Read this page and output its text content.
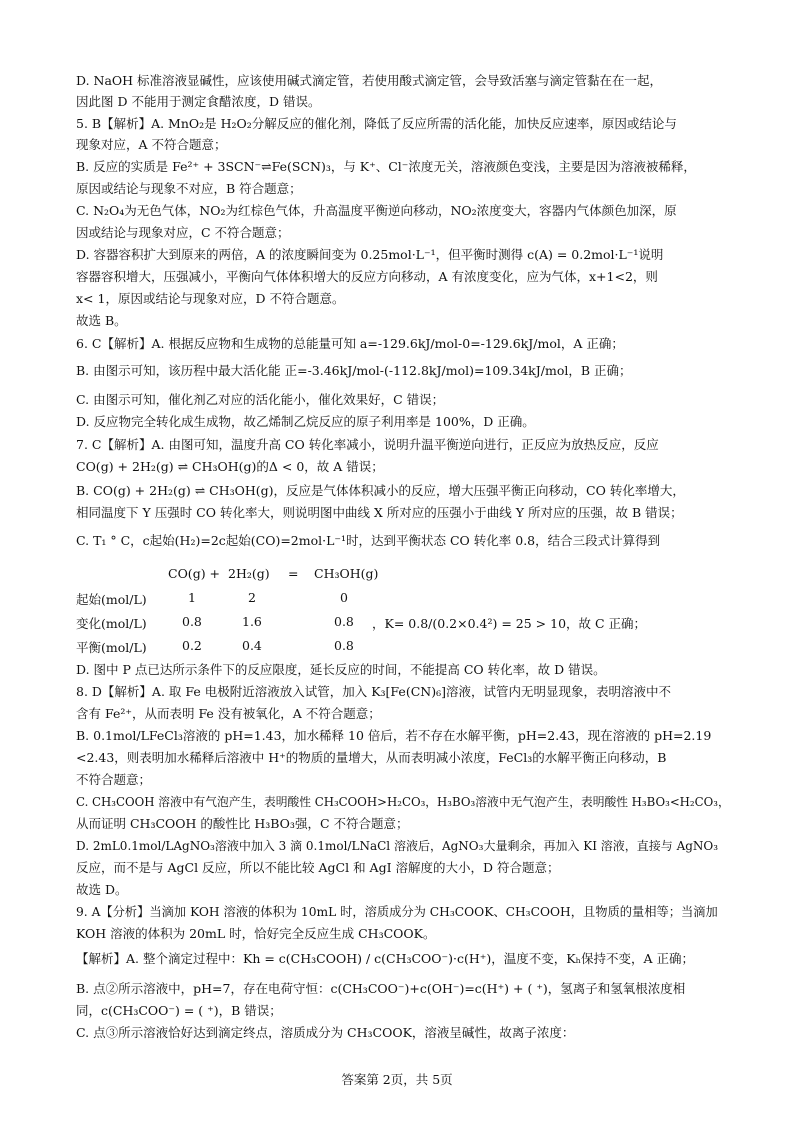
D. NaOH 标准溶液显碱性，应该使用碱式滴定管，若使用酸式滴定管，会导致活塞与滴定管黏在在一起，
因此图 D 不能用于测定食醋浓度，D 错误。
5. B【解析】A. MnO₂是 H₂O₂分解反应的催化剂，降低了反应所需的活化能，加快反应速率，原因或结论与
现象对应，A 不符合题意；
B. 反应的实质是 Fe²⁺ + 3SCN⁻⇌Fe(SCN)₃，与 K⁺、Cl⁻浓度无关，溶液颜色变浅，主要是因为溶液被稀释，
原因或结论与现象不对应，B 符合题意；
C. N₂O₄为无色气体，NO₂为红棕色气体，升高温度平衡逆向移动，NO₂浓度变大，容器内气体颜色加深，原
因或结论与现象对应，C 不符合题意；
D. 容器容积扩大到原来的两倍，A 的浓度瞬间变为 0.25mol·L⁻¹，但平衡时测得 c(A) = 0.2mol·L⁻¹说明
容器容积增大，压强减小，平衡向气体体积增大的反应方向移动，A 有浓度变化，应为气体，x+1<2，则
x< 1，原因或结论与现象对应，D 不符合题意。
故选 B。
6. C【解析】A. 根据反应物和生成物的总能量可知 a=-129.6kJ/mol-0=-129.6kJ/mol，A 正确；
B. 由图示可知，该历程中最大活化能 正=-3.46kJ/mol-(-112.8kJ/mol)=109.34kJ/mol，B 正确；
C. 由图示可知，催化剂乙对应的活化能小，催化效果好，C 错误；
D. 反应物完全转化成生成物，故乙烯制乙烷反应的原子利用率是 100%，D 正确。
7. C【解析】A. 由图可知，温度升高 CO 转化率减小，说明升温平衡逆向进行，正反应为放热反应，反应
CO(g) + 2H₂(g) ⇌ CH₃OH(g)的Δ < 0，故 A 错误；
B. CO(g) + 2H₂(g) ⇌ CH₃OH(g)，反应是气体体积减小的反应，增大压强平衡正向移动，CO 转化率增大，
相同温度下 Y 压强时 CO 转化率大，则说明图中曲线 X 所对应的压强小于曲线 Y 所对应的压强，故 B 错误；
C. T₁ ° C，c起始(H₂)=2c起始(CO)=2mol·L⁻¹时，达到平衡状态 CO 转化率 0.8，结合三段式计算得到
CO(g) + 2H₂(g) = CH₃OH(g)
起始(mol/L)	1	2	0
变化(mol/L)	0.8	1.6	0.8 ，K= 0.8/(0.2×0.4²) = 25 > 10，故 C 正确；
平衡(mol/L)	0.2	0.4	0.8
D. 图中 P 点已达所示条件下的反应限度，延长反应的时间，不能提高 CO 转化率，故 D 错误。
8. D【解析】A. 取 Fe 电极附近溶液放入试管，加入 K₃[Fe(CN)₆]溶液，试管内无明显现象，表明溶液中不
含有 Fe²⁺，从而表明 Fe 没有被氧化，A 不符合题意；
B. 0.1mol/LFeCl₃溶液的 pH=1.43，加水稀释 10 倍后，若不存在水解平衡，pH=2.43，现在溶液的 pH=2.19
<2.43，则表明加水稀释后溶液中 H⁺的物质的量增大，从而表明减小浓度，FeCl₃的水解平衡正向移动，B
不符合题意；
C. CH₃COOH 溶液中有气泡产生，表明酸性 CH₃COOH>H₂CO₃，H₃BO₃溶液中无气泡产生，表明酸性 H₃BO₃<H₂CO₃，
从而证明 CH₃COOH 的酸性比 H₃BO₃强，C 不符合题意；
D. 2mL0.1mol/LAgNO₃溶液中加入 3 滴 0.1mol/LNaCl 溶液后，AgNO₃大量剩余，再加入 KI 溶液，直接与 AgNO₃
反应，而不是与 AgCl 反应，所以不能比较 AgCl 和 AgI 溶解度的大小，D 符合题意；
故选 D。
9. A【分析】当滴加 KOH 溶液的体积为 10mL 时，溶质成分为 CH₃COOK、CH₃COOH，且物质的量相等；当滴加
KOH 溶液的体积为 20mL 时，恰好完全反应生成 CH₃COOK。
【解析】A. 整个滴定过程中：Kh = c(CH₃COOH) / c(CH₃COO⁻)·c(H⁺)，温度不变，Kₕ保持不变，A 正确；
B. 点②所示溶液中，pH=7，存在电荷守恒：c(CH₃COO⁻)+c(OH⁻)=c(H⁺) + ( ⁺)，氢离子和氢氧根浓度相
同，c(CH₃COO⁻) = ( ⁺)，B 错误；
C. 点③所示溶液恰好达到滴定终点，溶质成分为 CH₃COOK，溶液呈碱性，故离子浓度：
答案第 2页，共 5页
